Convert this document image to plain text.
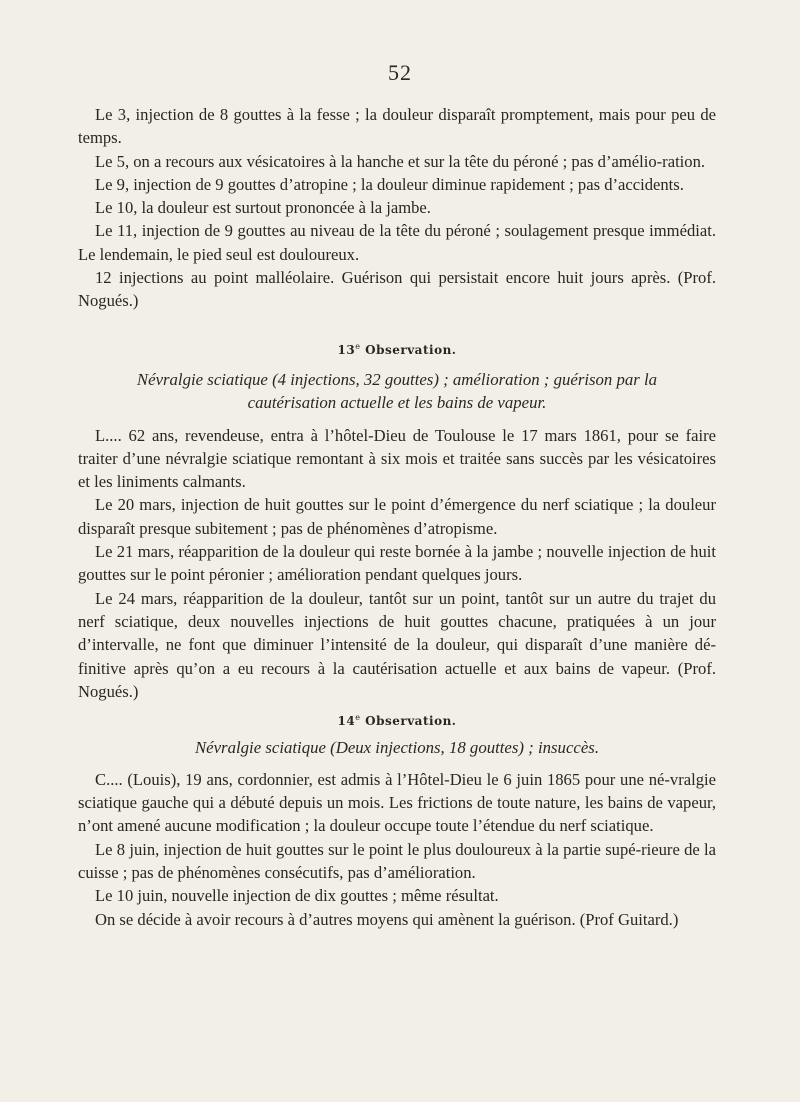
52

Le 3, injection de 8 gouttes à la fesse ; la douleur disparaît promptement, mais pour peu de temps.

Le 5, on a recours aux vésicatoires à la hanche et sur la tête du péroné ; pas d’amélio-ration.

Le 9, injection de 9 gouttes d’atropine ; la douleur diminue rapidement ; pas d’accidents.

Le 10, la douleur est surtout prononcée à la jambe.

Le 11, injection de 9 gouttes au niveau de la tête du péroné ; soulagement presque immédiat. Le lendemain, le pied seul est douloureux.

12 injections au point malléolaire. Guérison qui persistait encore huit jours après. (Prof. Nogués.)

13e Observation.

Névralgie sciatique (4 injections, 32 gouttes) ; amélioration ; guérison par la cautérisation actuelle et les bains de vapeur.

L.... 62 ans, revendeuse, entra à l’hôtel-Dieu de Toulouse le 17 mars 1861, pour se faire traiter d’une névralgie sciatique remontant à six mois et traitée sans succès par les vésicatoires et les liniments calmants.

Le 20 mars, injection de huit gouttes sur le point d’émergence du nerf sciatique ; la douleur disparaît presque subitement ; pas de phénomènes d’atropisme.

Le 21 mars, réapparition de la douleur qui reste bornée à la jambe ; nouvelle injection de huit gouttes sur le point péronier ; amélioration pendant quelques jours.

Le 24 mars, réapparition de la douleur, tantôt sur un point, tantôt sur un autre du trajet du nerf sciatique, deux nouvelles injections de huit gouttes chacune, pratiquées à un jour d’intervalle, ne font que diminuer l’intensité de la douleur, qui disparaît d’une manière dé-finitive après qu’on a eu recours à la cautérisation actuelle et aux bains de vapeur. (Prof. Nogués.)

14e Observation.

Névralgie sciatique (Deux injections, 18 gouttes) ; insuccès.

C.... (Louis), 19 ans, cordonnier, est admis à l’Hôtel-Dieu le 6 juin 1865 pour une né-vralgie sciatique gauche qui a débuté depuis un mois. Les frictions de toute nature, les bains de vapeur, n’ont amené aucune modification ; la douleur occupe toute l’étendue du nerf sciatique.

Le 8 juin, injection de huit gouttes sur le point le plus douloureux à la partie supé-rieure de la cuisse ; pas de phénomènes consécutifs, pas d’amélioration.

Le 10 juin, nouvelle injection de dix gouttes ; même résultat.

On se décide à avoir recours à d’autres moyens qui amènent la guérison. (Prof Guitard.)
